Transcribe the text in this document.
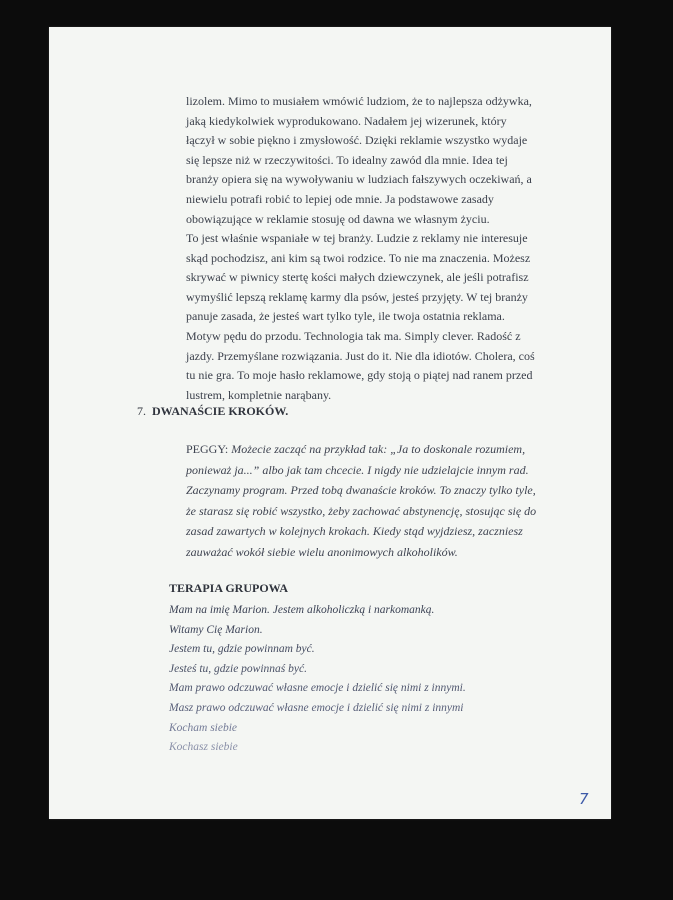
lizolem. Mimo to musiałem wmówić ludziom, że to najlepsza odżywka, jaką kiedykolwiek wyprodukowano. Nadałem jej wizerunek, który łączył w sobie piękno i zmysłowość. Dzięki reklamie wszystko wydaje się lepsze niż w rzeczywitości. To idealny zawód dla mnie. Idea tej branży opiera się na wywoływaniu w ludziach fałszywych oczekiwań, a niewielu potrafi robić to lepiej ode mnie. Ja podstawowe zasady obowiązujące w reklamie stosuję od dawna we własnym życiu.

To jest właśnie wspaniałe w tej branży. Ludzie z reklamy nie interesuje skąd pochodzisz, ani kim są twoi rodzice. To nie ma znaczenia. Możesz skrywać w piwnicy stertę kości małych dziewczynek, ale jeśli potrafisz wymyślić lepszą reklamę karmy dla psów, jesteś przyjęty. W tej branży panuje zasada, że jesteś wart tylko tyle, ile twoja ostatnia reklama. Motyw pędu do przodu. Technologia tak ma. Simply clever. Radość z jazdy. Przemyślane rozwiązania. Just do it. Nie dla idiotów. Cholera, coś tu nie gra. To moje hasło reklamowe, gdy stoją o piątej nad ranem przed lustrem, kompletnie narąbany.

7. DWANAŚCIE KROKÓW.

PEGGY: Możecie zacząć na przykład tak: „Ja to doskonale rozumiem, ponieważ ja...” albo jak tam chcecie. I nigdy nie udzielajcie innym rad. Zaczynamy program. Przed tobą dwanaście kroków. To znaczy tylko tyle, że starasz się robić wszystko, żeby zachować abstynencję, stosując się do zasad zawartych w kolejnych krokach. Kiedy stąd wyjdziesz, zaczniesz zauważać wokół siebie wielu anonimowych alkoholików.

TERAPIA GRUPOWA
Mam na imię Marion. Jestem alkoholiczką i narkomanką.
Witamy Cię Marion.
Jestem tu, gdzie powinnam być.
Jesteś tu, gdzie powinnaś być.
Mam prawo odczuwać własne emocje i dzielić się nimi z innymi.
Masz prawo odczuwać własne emocje i dzielić się nimi z innymi
Kocham siebie
Kochasz siebie
7
